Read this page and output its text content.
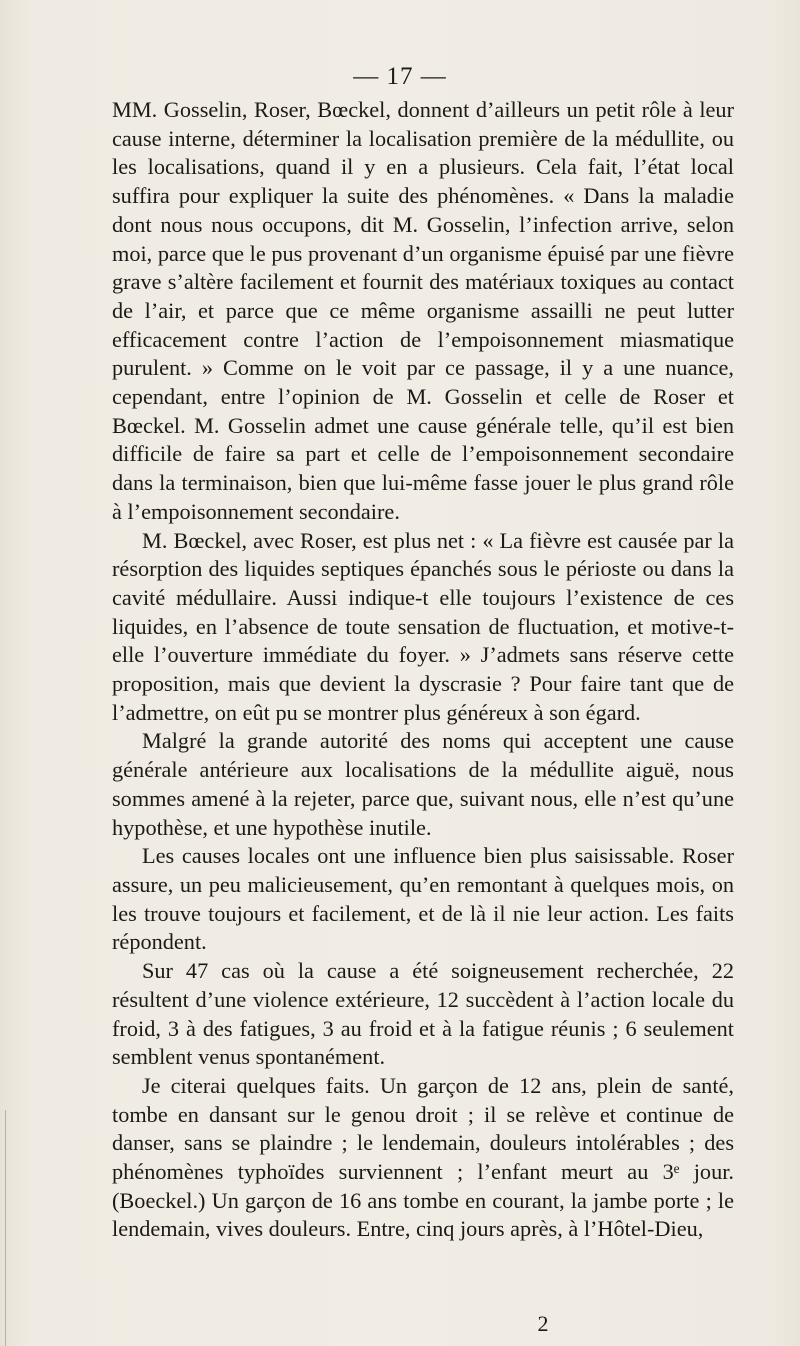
— 17 —

MM. Gosselin, Roser, Bœckel, donnent d’ailleurs un petit rôle à leur cause interne, déterminer la localisation première de la médullite, ou les localisations, quand il y en a plusieurs. Cela fait, l’état local suffira pour expliquer la suite des phénomènes. « Dans la maladie dont nous nous occupons, dit M. Gosselin, l’infection arrive, selon moi, parce que le pus provenant d’un organisme épuisé par une fièvre grave s’altère facilement et fournit des matériaux toxiques au contact de l’air, et parce que ce même organisme assailli ne peut lutter efficacement contre l’action de l’empoisonnement miasmatique purulent. » Comme on le voit par ce passage, il y a une nuance, cependant, entre l’opinion de M. Gosselin et celle de Roser et Bœckel. M. Gosselin admet une cause générale telle, qu’il est bien difficile de faire sa part et celle de l’empoisonnement secondaire dans la terminaison, bien que lui-même fasse jouer le plus grand rôle à l’empoisonnement secondaire.

M. Bœckel, avec Roser, est plus net : « La fièvre est causée par la résorption des liquides septiques épanchés sous le périoste ou dans la cavité médullaire. Aussi indique-t elle toujours l’existence de ces liquides, en l’absence de toute sensation de fluctuation, et motive-t-elle l’ouverture immédiate du foyer. » J’admets sans réserve cette proposition, mais que devient la dyscrasie ? Pour faire tant que de l’admettre, on eût pu se montrer plus généreux à son égard.

Malgré la grande autorité des noms qui acceptent une cause générale antérieure aux localisations de la médullite aiguë, nous sommes amené à la rejeter, parce que, suivant nous, elle n’est qu’une hypothèse, et une hypothèse inutile.

Les causes locales ont une influence bien plus saisissable. Roser assure, un peu malicieusement, qu’en remontant à quelques mois, on les trouve toujours et facilement, et de là il nie leur action. Les faits répondent.

Sur 47 cas où la cause a été soigneusement recherchée, 22 résultent d’une violence extérieure, 12 succèdent à l’action locale du froid, 3 à des fatigues, 3 au froid et à la fatigue réunis ; 6 seulement semblent venus spontanément.

Je citerai quelques faits. Un garçon de 12 ans, plein de santé, tombe en dansant sur le genou droit ; il se relève et continue de danser, sans se plaindre ; le lendemain, douleurs intolérables ; des phénomènes typhoïdes surviennent ; l’enfant meurt au 3ᵉ jour. (Boeckel.) Un garçon de 16 ans tombe en courant, la jambe porte ; le lendemain, vives douleurs. Entre, cinq jours après, à l’Hôtel-Dieu,

2
